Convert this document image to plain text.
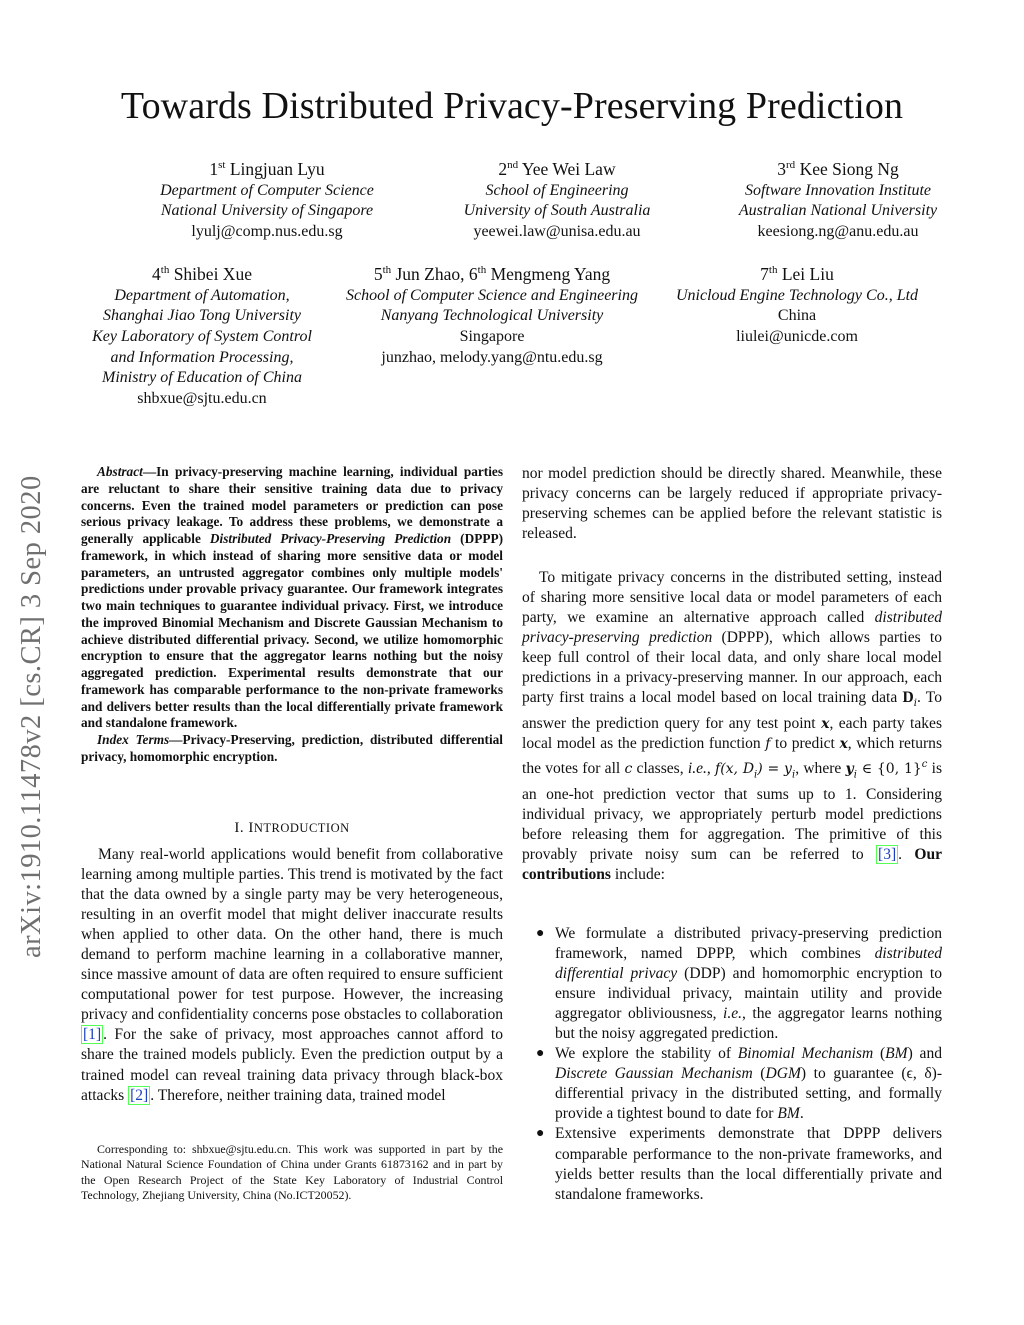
Towards Distributed Privacy-Preserving Prediction
arXiv:1910.11478v2 [cs.CR] 3 Sep 2020
1st Lingjuan Lyu
Department of Computer Science
National University of Singapore
lyulj@comp.nus.edu.sg
2nd Yee Wei Law
School of Engineering
University of South Australia
yeewei.law@unisa.edu.au
3rd Kee Siong Ng
Software Innovation Institute
Australian National University
keesiong.ng@anu.edu.au
4th Shibei Xue
Department of Automation,
Shanghai Jiao Tong University
Key Laboratory of System Control
and Information Processing,
Ministry of Education of China
shbxue@sjtu.edu.cn
5th Jun Zhao, 6th Mengmeng Yang
School of Computer Science and Engineering
Nanyang Technological University
Singapore
junzhao, melody.yang@ntu.edu.sg
7th Lei Liu
Unicloud Engine Technology Co., Ltd
China
liulei@unicde.com
Abstract—In privacy-preserving machine learning, individual parties are reluctant to share their sensitive training data due to privacy concerns. Even the trained model parameters or prediction can pose serious privacy leakage. To address these problems, we demonstrate a generally applicable Distributed Privacy-Preserving Prediction (DPPP) framework, in which instead of sharing more sensitive data or model parameters, an untrusted aggregator combines only multiple models' predictions under provable privacy guarantee. Our framework integrates two main techniques to guarantee individual privacy. First, we introduce the improved Binomial Mechanism and Discrete Gaussian Mechanism to achieve distributed differential privacy. Second, we utilize homomorphic encryption to ensure that the aggregator learns nothing but the noisy aggregated prediction. Experimental results demonstrate that our framework has comparable performance to the non-private frameworks and delivers better results than the local differentially private framework and standalone framework.
Index Terms—Privacy-Preserving, prediction, distributed differential privacy, homomorphic encryption.
I. INTRODUCTION
Many real-world applications would benefit from collaborative learning among multiple parties. This trend is motivated by the fact that the data owned by a single party may be very heterogeneous, resulting in an overfit model that might deliver inaccurate results when applied to other data. On the other hand, there is much demand to perform machine learning in a collaborative manner, since massive amount of data are often required to ensure sufficient computational power for test purpose. However, the increasing privacy and confidentiality concerns pose obstacles to collaboration [1] . For the sake of privacy, most approaches cannot afford to share the trained models publicly. Even the prediction output by a trained model can reveal training data privacy through black-box attacks [2] . Therefore, neither training data, trained model
Corresponding to: shbxue@sjtu.edu.cn. This work was supported in part by the National Natural Science Foundation of China under Grants 61873162 and in part by the Open Research Project of the State Key Laboratory of Industrial Control Technology, Zhejiang University, China (No.ICT20052).
nor model prediction should be directly shared. Meanwhile, these privacy concerns can be largely reduced if appropriate privacy-preserving schemes can be applied before the relevant statistic is released.
To mitigate privacy concerns in the distributed setting, instead of sharing more sensitive local data or model parameters of each party, we examine an alternative approach called distributed privacy-preserving prediction (DPPP), which allows parties to keep full control of their local data, and only share local model predictions in a privacy-preserving manner. In our approach, each party first trains a local model based on local training data $D_i$. To answer the prediction query for any test point x, each party takes local model as the prediction function f to predict x, which returns the votes for all c classes, i.e., f(x, $D_i) = y_i$, where $y_i$ ∈ {0, 1}$^c$ is an one-hot prediction vector that sums up to 1. Considering individual privacy, we appropriately perturb model predictions before releasing them for aggregation. The primitive of this provably private noisy sum can be referred to [3] . Our contributions include:
● We formulate a distributed privacy-preserving prediction framework, named DPPP, which combines distributed differential privacy (DDP) and homomorphic encryption to ensure individual privacy, maintain utility and provide aggregator obliviousness, i.e., the aggregator learns nothing but the noisy aggregated prediction.
● We explore the stability of Binomial Mechanism (BM) and Discrete Gaussian Mechanism (DGM) to guarantee (ϵ, δ)-differential privacy in the distributed setting, and formally provide a tightest bound to date for BM.
● Extensive experiments demonstrate that DPPP delivers comparable performance to the non-private frameworks, and yields better results than the local differentially private and standalone frameworks.
